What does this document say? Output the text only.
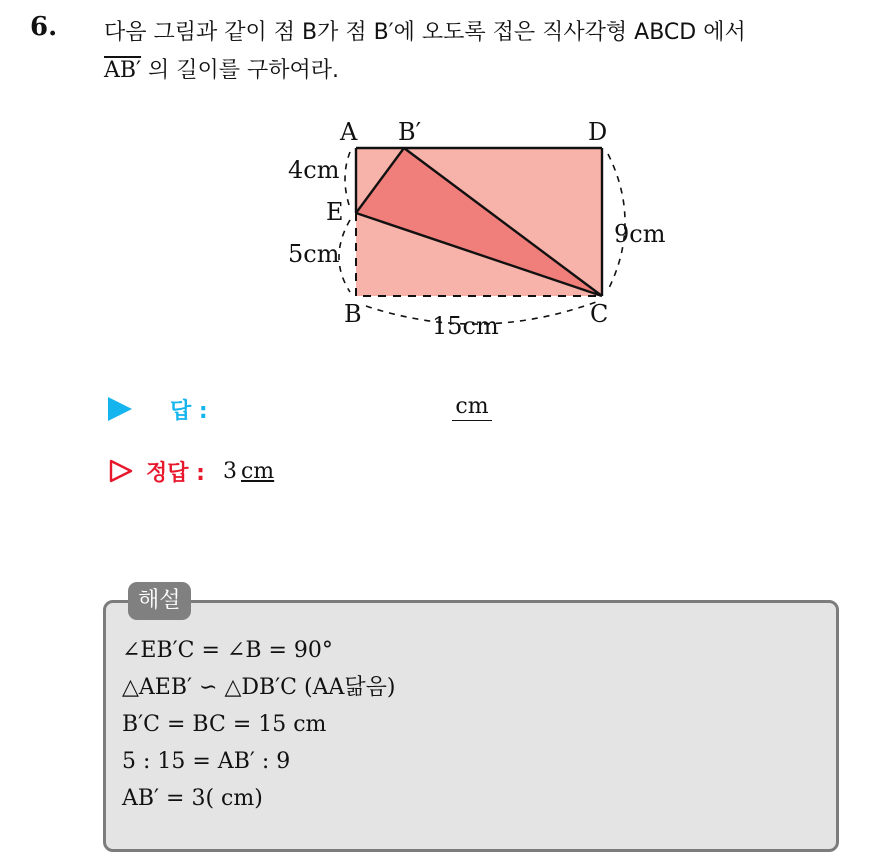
6. 다음 그림과 같이 점 B가 점 B′에 오도록 접은 직사각형 ABCD 에서
AB′ 의 길이를 구하여라.
A B′	D
E
B	C
4cm
5cm
15cm
9cm
답 :	cm
정답 : 3 cm
해설
∠EB′C = ∠B = 90°
△AEB′ ∽ △DB′C (AA닮음)
B′C = BC = 15 cm
5 : 15 = AB′ : 9
AB′ = 3( cm)
